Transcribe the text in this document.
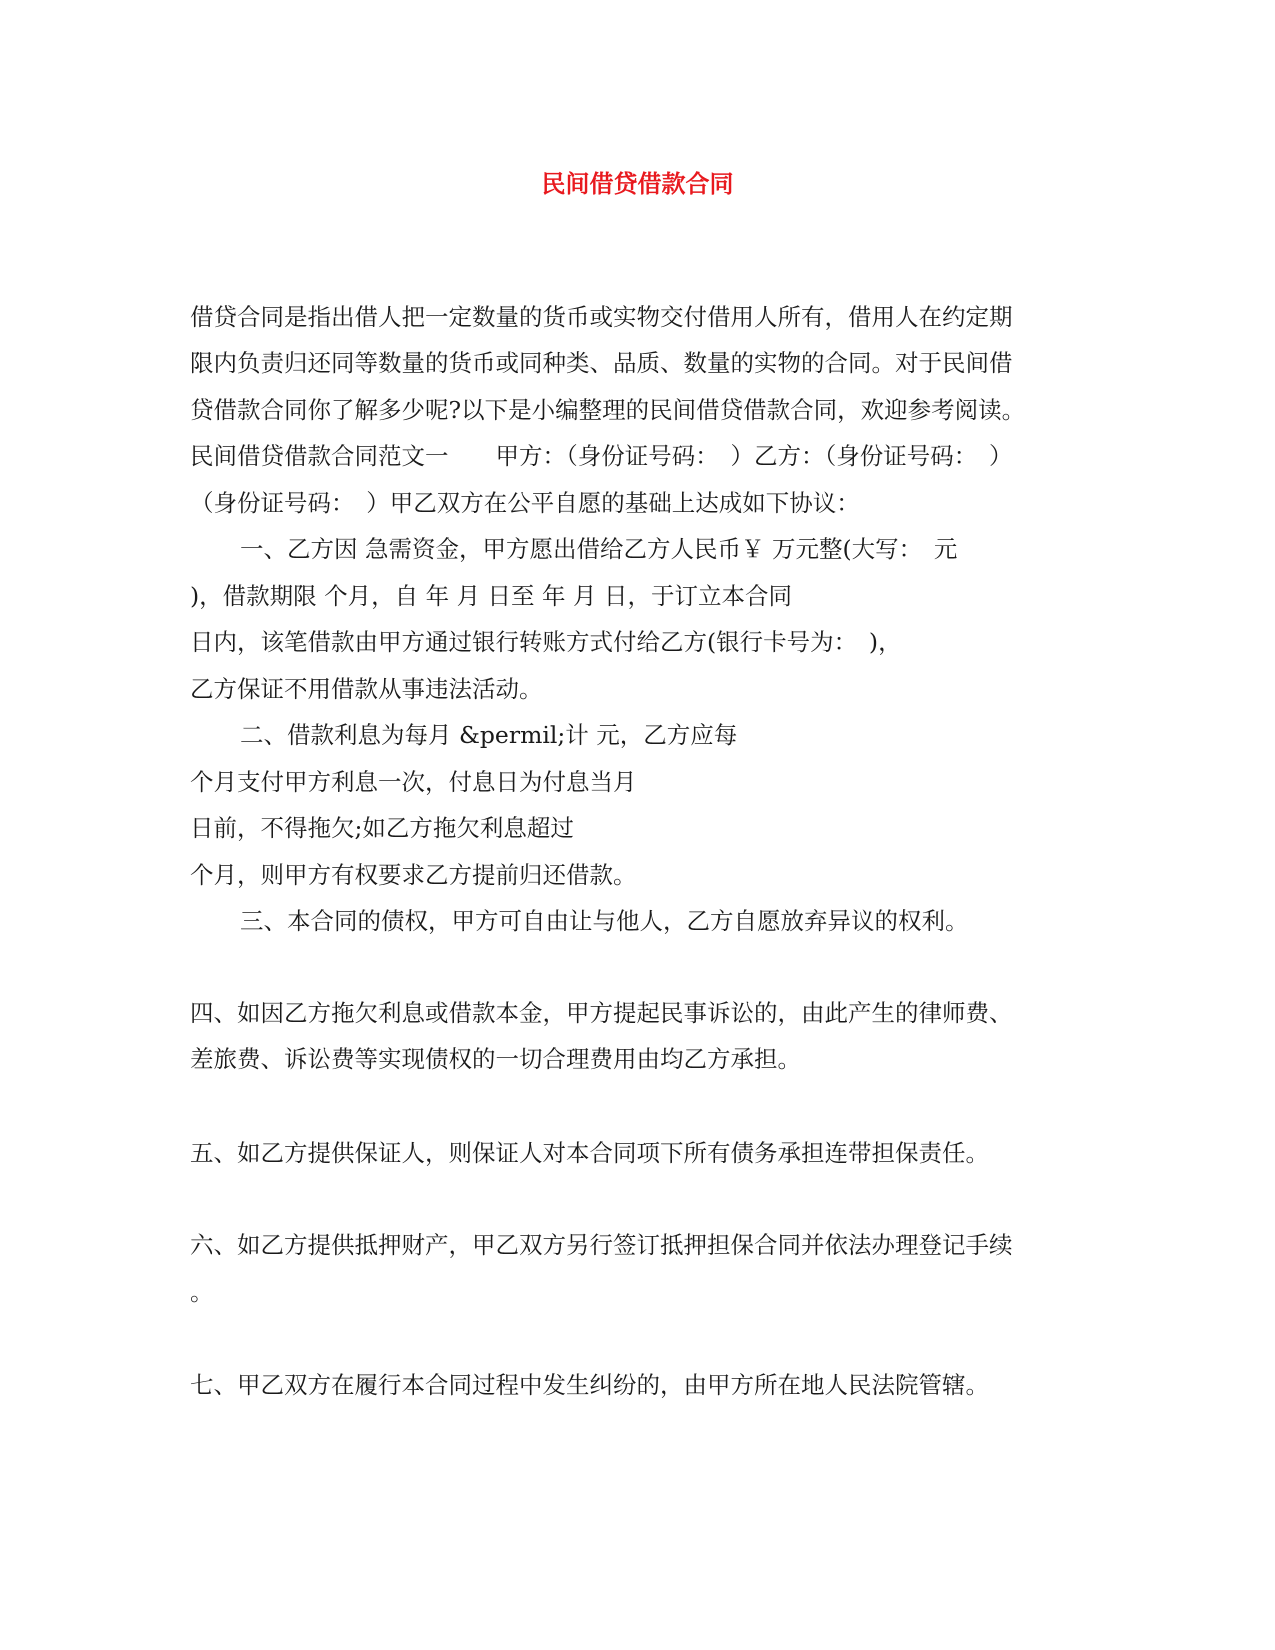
民间借贷借款合同
借贷合同是指出借人把一定数量的货币或实物交付借用人所有，借用人在约定期
限内负责归还同等数量的货币或同种类、品质、数量的实物的合同。对于民间借
贷借款合同你了解多少呢?以下是小编整理的民间借贷借款合同，欢迎参考阅读。
民间借贷借款合同范文一　　甲方：（身份证号码：　）乙方：（身份证号码：　）
（身份证号码：　）甲乙双方在公平自愿的基础上达成如下协议：
一、乙方因 急需资金，甲方愿出借给乙方人民币￥ 万元整(大写：　元
)，借款期限 个月，自 年 月 日至 年 月 日，于订立本合同
日内，该笔借款由甲方通过银行转账方式付给乙方(银行卡号为：　)，
乙方保证不用借款从事违法活动。
二、借款利息为每月 &permil;计 元，乙方应每
个月支付甲方利息一次，付息日为付息当月
日前，不得拖欠;如乙方拖欠利息超过
个月，则甲方有权要求乙方提前归还借款。
三、本合同的债权，甲方可自由让与他人，乙方自愿放弃异议的权利。
四、如因乙方拖欠利息或借款本金，甲方提起民事诉讼的，由此产生的律师费、
差旅费、诉讼费等实现债权的一切合理费用由均乙方承担。
五、如乙方提供保证人，则保证人对本合同项下所有债务承担连带担保责任。
六、如乙方提供抵押财产，甲乙双方另行签订抵押担保合同并依法办理登记手续
。
七、甲乙双方在履行本合同过程中发生纠纷的，由甲方所在地人民法院管辖。
